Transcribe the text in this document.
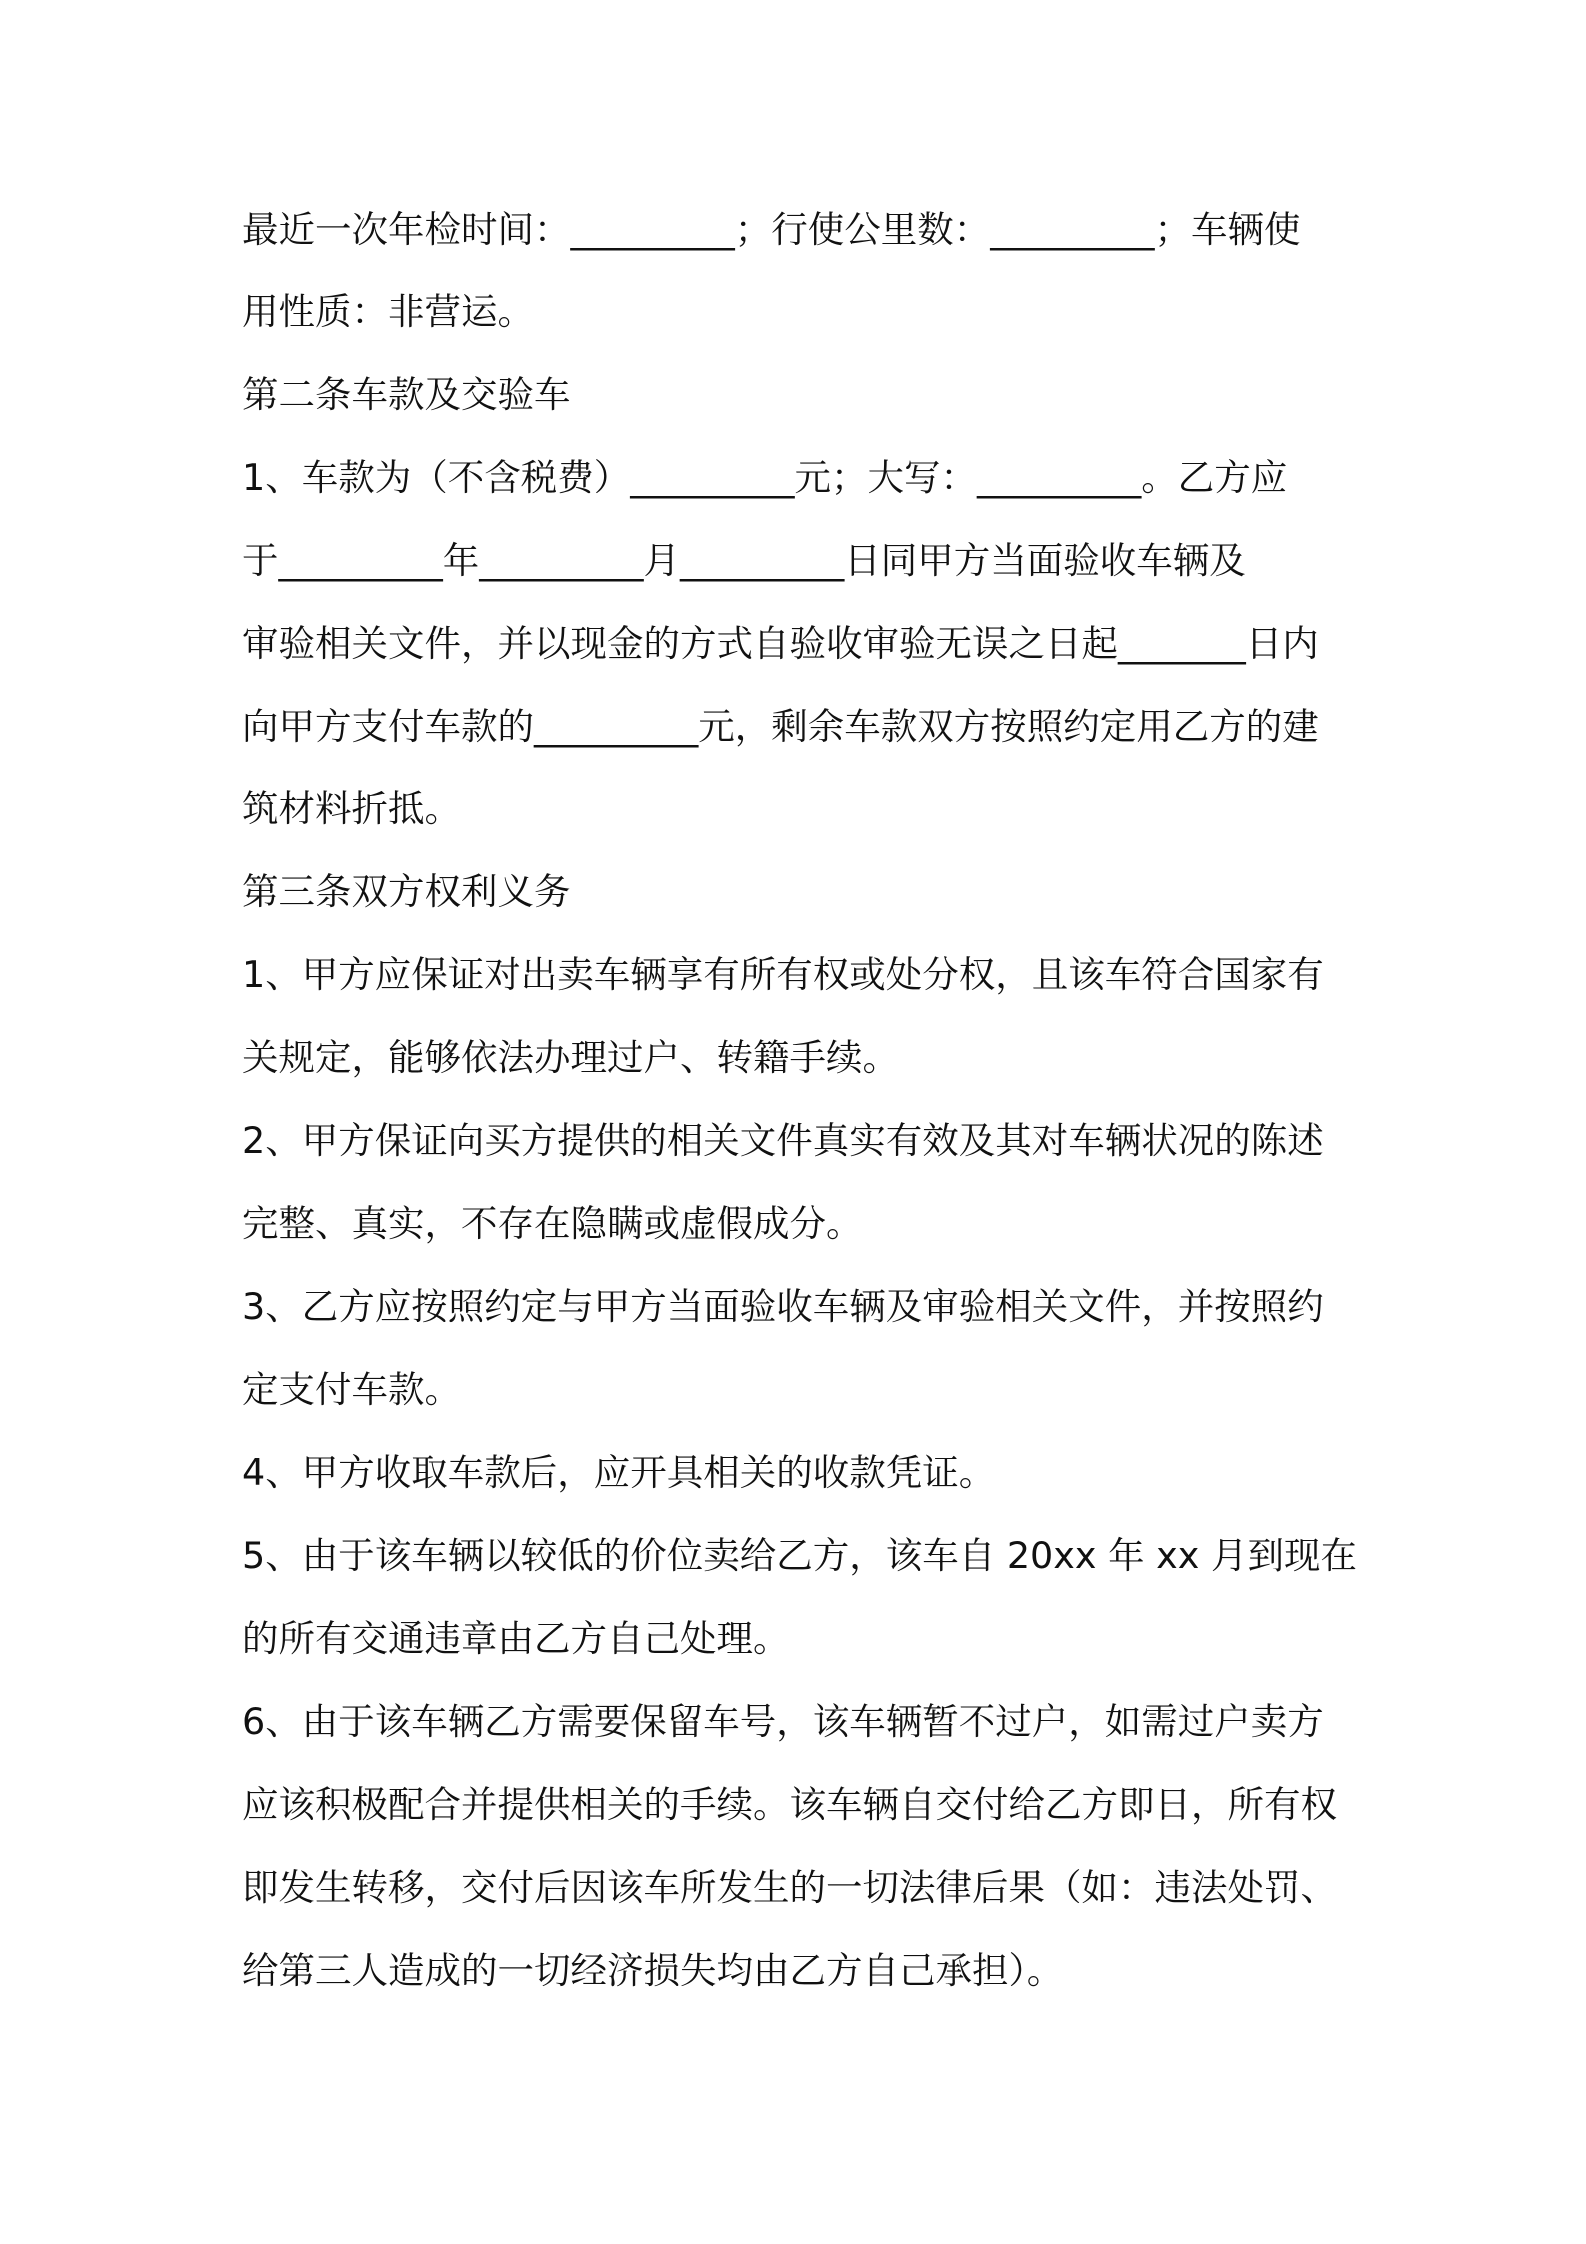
最近一次年检时间：_________；行使公里数：_________；车辆使
用性质：非营运。
第二条车款及交验车
1、车款为（不含税费）_________元；大写：_________。乙方应
于_________年_________月_________日同甲方当面验收车辆及
审验相关文件，并以现金的方式自验收审验无误之日起_______日内
向甲方支付车款的_________元，剩余车款双方按照约定用乙方的建
筑材料折抵。
第三条双方权利义务
1、甲方应保证对出卖车辆享有所有权或处分权，且该车符合国家有
关规定，能够依法办理过户、转籍手续。
2、甲方保证向买方提供的相关文件真实有效及其对车辆状况的陈述
完整、真实，不存在隐瞒或虚假成分。
3、乙方应按照约定与甲方当面验收车辆及审验相关文件，并按照约
定支付车款。
4、甲方收取车款后，应开具相关的收款凭证。
5、由于该车辆以较低的价位卖给乙方，该车自 20xx 年 xx 月到现在
的所有交通违章由乙方自己处理。
6、由于该车辆乙方需要保留车号，该车辆暂不过户，如需过户卖方
应该积极配合并提供相关的手续。该车辆自交付给乙方即日，所有权
即发生转移，交付后因该车所发生的一切法律后果（如：违法处罚、
给第三人造成的一切经济损失均由乙方自己承担）。
